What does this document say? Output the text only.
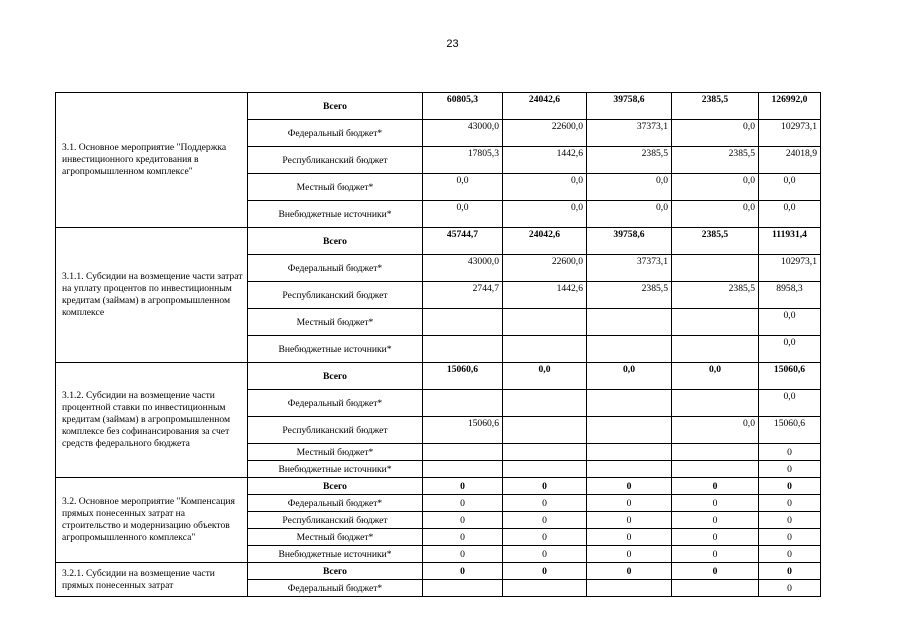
23
3.1. Основное мероприятие "Поддержка инвестиционного кредитования в агропромышленном комплексе"	Всего	60805,3	24042,6	39758,6	2385,5	126992,0
	Федеральный бюджет*	43000,0	22600,0	37373,1	0,0	102973,1
	Республиканский бюджет	17805,3	1442,6	2385,5	2385,5	24018,9
	Местный бюджет*	0,0	0,0	0,0	0,0	0,0
	Внебюджетные источники*	0,0	0,0	0,0	0,0	0,0
3.1.1. Субсидии на возмещение части затрат на уплату процентов по инвестиционным кредитам (займам) в агропромышленном комплексе	Всего	45744,7	24042,6	39758,6	2385,5	111931,4
	Федеральный бюджет*	43000,0	22600,0	37373,1		102973,1
	Республиканский бюджет	2744,7	1442,6	2385,5	2385,5	8958,3
	Местный бюджет*					0,0
	Внебюджетные источники*					0,0
3.1.2. Субсидии на возмещение части процентной ставки по инвестиционным кредитам (займам) в агропромышленном комплексе без софинансирования за счет средств федерального бюджета	Всего	15060,6	0,0	0,0	0,0	15060,6
	Федеральный бюджет*					0,0
	Республиканский бюджет	15060,6			0,0	15060,6
	Местный бюджет*					0
	Внебюджетные источники*					0
3.2. Основное мероприятие "Компенсация прямых понесенных затрат на строительство и модернизацию объектов агропромышленного комплекса"	Всего	0	0	0	0	0
	Федеральный бюджет*	0	0	0	0	0
	Республиканский бюджет	0	0	0	0	0
	Местный бюджет*	0	0	0	0	0
	Внебюджетные источники*	0	0	0	0	0
3.2.1. Субсидии на возмещение части прямых понесенных затрат	Всего	0	0	0	0	0
	Федеральный бюджет*					0
